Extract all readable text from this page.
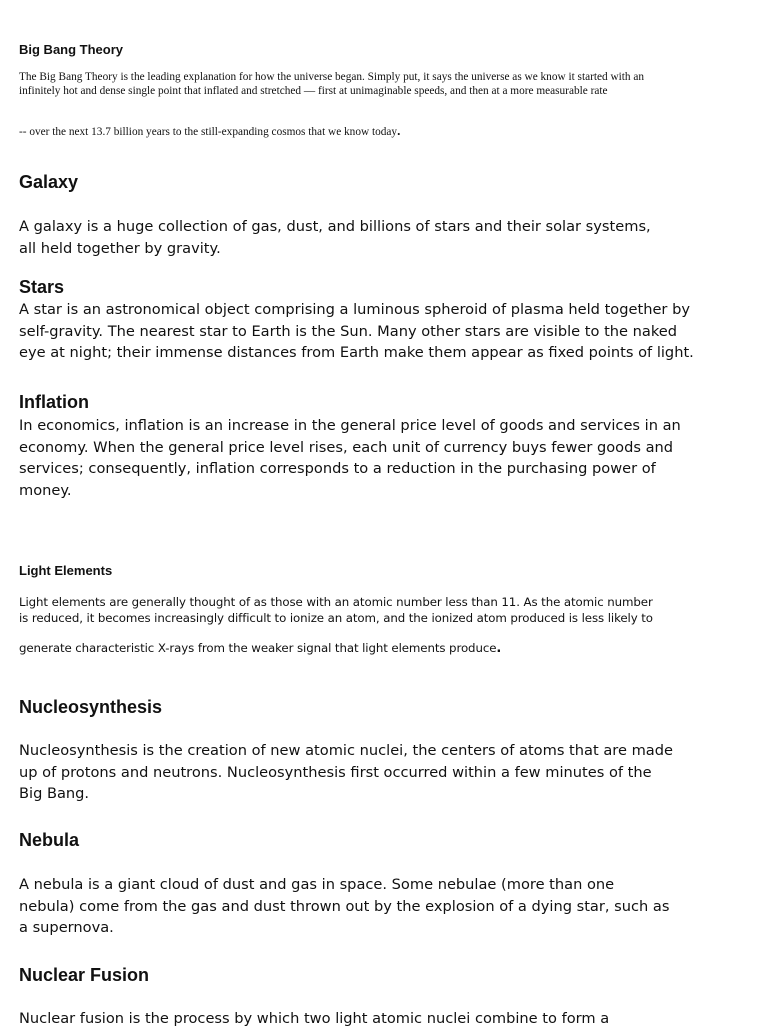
Big Bang Theory

The Big Bang Theory is the leading explanation for how the universe began. Simply put, it says the universe as we know it started with an infinitely hot and dense single point that inflated and stretched — first at unimaginable speeds, and then at a more measurable rate

-- over the next 13.7 billion years to the still-expanding cosmos that we know today.

Galaxy

A galaxy is a huge collection of gas, dust, and billions of stars and their solar systems, all held together by gravity.

Stars

A star is an astronomical object comprising a luminous spheroid of plasma held together by self-gravity. The nearest star to Earth is the Sun. Many other stars are visible to the naked eye at night; their immense distances from Earth make them appear as fixed points of light.

Inflation

In economics, inflation is an increase in the general price level of goods and services in an economy. When the general price level rises, each unit of currency buys fewer goods and services; consequently, inflation corresponds to a reduction in the purchasing power of money.

Light Elements

Light elements are generally thought of as those with an atomic number less than 11. As the atomic number is reduced, it becomes increasingly difficult to ionize an atom, and the ionized atom produced is less likely to

generate characteristic X-rays from the weaker signal that light elements produce.

Nucleosynthesis

Nucleosynthesis is the creation of new atomic nuclei, the centers of atoms that are made up of protons and neutrons. Nucleosynthesis first occurred within a few minutes of the Big Bang.

Nebula

A nebula is a giant cloud of dust and gas in space. Some nebulae (more than one nebula) come from the gas and dust thrown out by the explosion of a dying star, such as a supernova.

Nuclear Fusion

Nuclear fusion is the process by which two light atomic nuclei combine to form a
